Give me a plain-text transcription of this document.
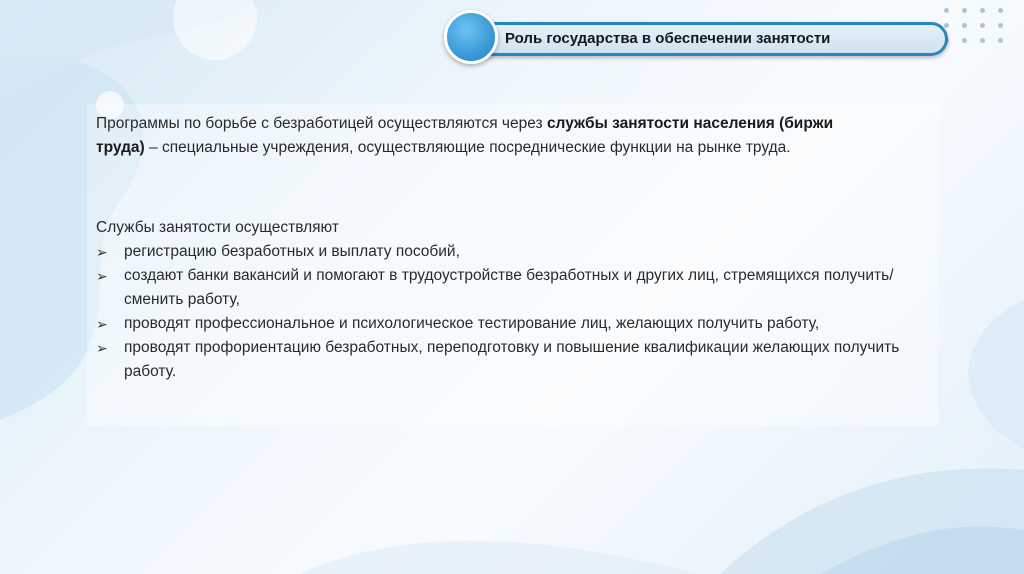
Роль государства в обеспечении занятости
Программы по борьбе с безработицей осуществляются через службы занятости населения (биржи труда) – специальные учреждения, осуществляющие посреднические функции на рынке труда.
Службы занятости осуществляют
➢ регистрацию безработных и выплату пособий,
➢ создают банки вакансий и помогают в трудоустройстве безработных и других лиц, стремящихся получить/сменить работу,
➢ проводят профессиональное и психологическое тестирование лиц, желающих получить работу,
➢ проводят профориентацию безработных, переподготовку и повышение квалификации желающих получить работу.
